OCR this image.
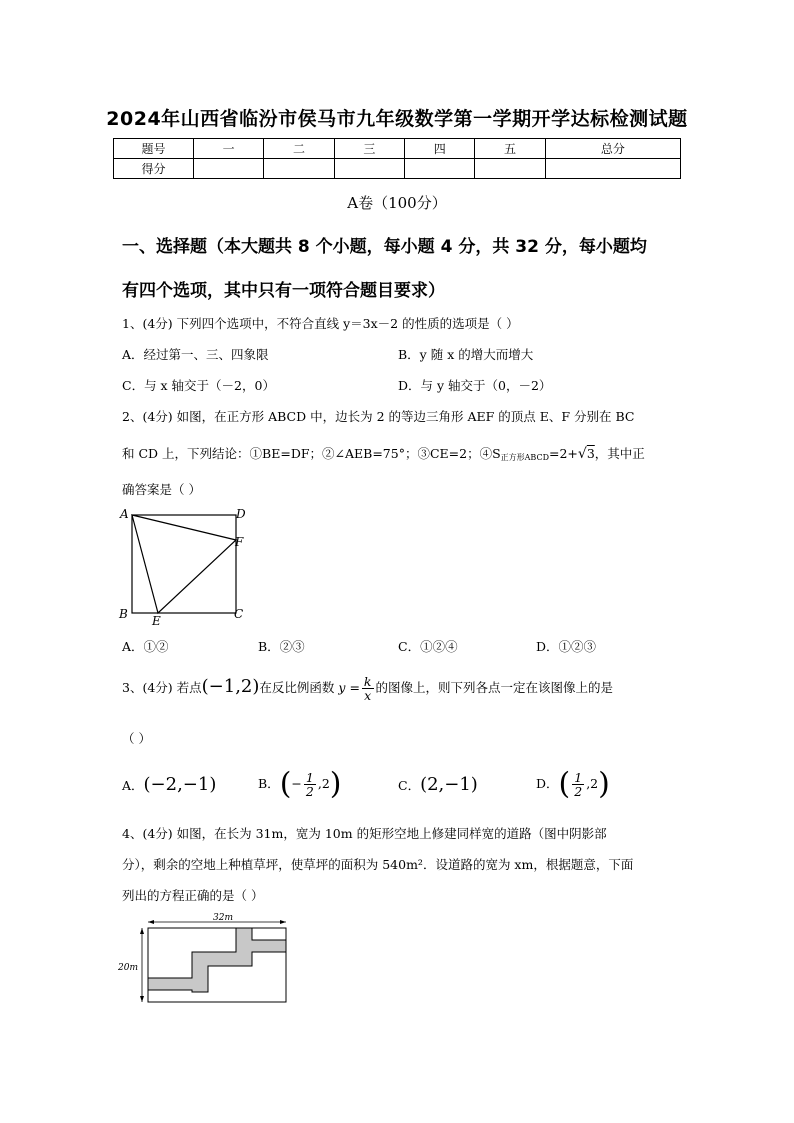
2024年山西省临汾市侯马市九年级数学第一学期开学达标检测试题
题号	一	二	三	四	五	总分
得分						
A卷（100分）
一、选择题（本大题共 8 个小题，每小题 4 分，共 32 分，每小题均
有四个选项，其中只有一项符合题目要求）
1、(4分) 下列四个选项中，不符合直线 y＝3x－2 的性质的选项是（ ）
A．经过第一、三、四象限	B．y 随 x 的增大而增大
C．与 x 轴交于（－2，0）	D．与 y 轴交于（0，－2）
2、(4分) 如图，在正方形 ABCD 中，边长为 2 的等边三角形 AEF 的顶点 E、F 分别在 BC
和 CD 上，下列结论：①BE=DF；②∠AEB=75°；③CE=2；④S正方形ABCD=2+√3，其中正
确答案是（ ）
A	D
F
B E	C
A．①②	B．②③	C．①②④	D．①②③
3、(4分) 若点(−1,2)在反比例函数 $y = \frac{k}{x}$ 的图像上，则下列各点一定在该图像上的是
（ ）
A．(−2,−1)	B．(− $\frac{1}{2} ,2$)	C．(2,−1)	D．( $\frac{1}{2} ,2$)
4、(4分) 如图，在长为 31m，宽为 10m 的矩形空地上修建同样宽的道路（图中阴影部
分），剩余的空地上种植草坪，使草坪的面积为 540m²．设道路的宽为 xm，根据题意，下面
列出的方程正确的是（ ）
32m
20m
